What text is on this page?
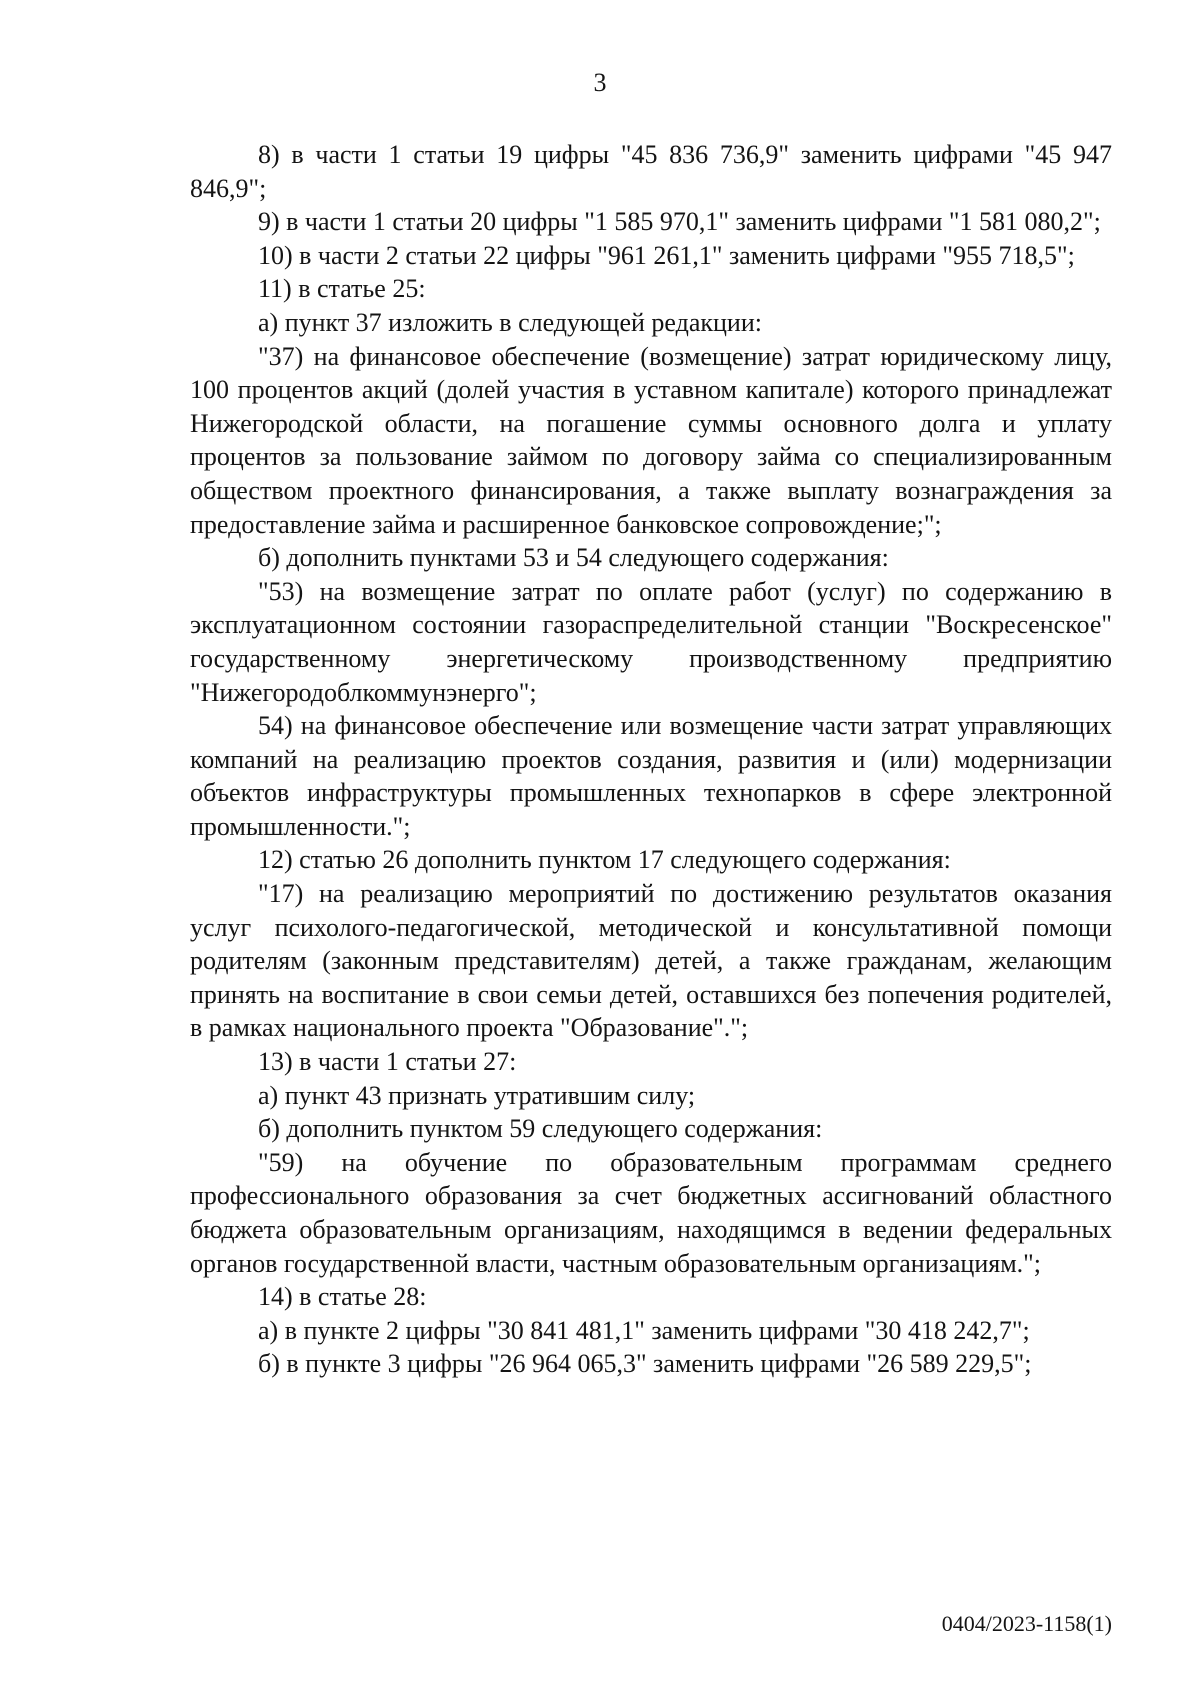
3

8) в части 1 статьи 19 цифры "45 836 736,9" заменить цифрами "45 947 846,9";

9) в части 1 статьи 20 цифры "1 585 970,1" заменить цифрами "1 581 080,2";

10) в части 2 статьи 22 цифры "961 261,1" заменить цифрами "955 718,5";

11) в статье 25:

а) пункт 37 изложить в следующей редакции:

"37) на финансовое обеспечение (возмещение) затрат юридическому лицу, 100 процентов акций (долей участия в уставном капитале) которого принадлежат Нижегородской области, на погашение суммы основного долга и уплату процентов за пользование займом по договору займа со специализированным обществом проектного финансирования, а также выплату вознаграждения за предоставление займа и расширенное банковское сопровождение;";

б) дополнить пунктами 53 и 54 следующего содержания:

"53) на возмещение затрат по оплате работ (услуг) по содержанию в эксплуатационном состоянии газораспределительной станции "Воскресенское" государственному энергетическому производственному предприятию "Нижегородоблкоммунэнерго";

54) на финансовое обеспечение или возмещение части затрат управляющих компаний на реализацию проектов создания, развития и (или) модернизации объектов инфраструктуры промышленных технопарков в сфере электронной промышленности.";

12) статью 26 дополнить пунктом 17 следующего содержания:

"17) на реализацию мероприятий по достижению результатов оказания услуг психолого-педагогической, методической и консультативной помощи родителям (законным представителям) детей, а также гражданам, желающим принять на воспитание в свои семьи детей, оставшихся без попечения родителей, в рамках национального проекта "Образование".";

13) в части 1 статьи 27:

а) пункт 43 признать утратившим силу;

б) дополнить пунктом 59 следующего содержания:

"59) на обучение по образовательным программам среднего профессионального образования за счет бюджетных ассигнований областного бюджета образовательным организациям, находящимся в ведении федеральных органов государственной власти, частным образовательным организациям.";

14) в статье 28:

а) в пункте 2 цифры "30 841 481,1" заменить цифрами "30 418 242,7";

б) в пункте 3 цифры "26 964 065,3" заменить цифрами "26 589 229,5";

0404/2023-1158(1)
